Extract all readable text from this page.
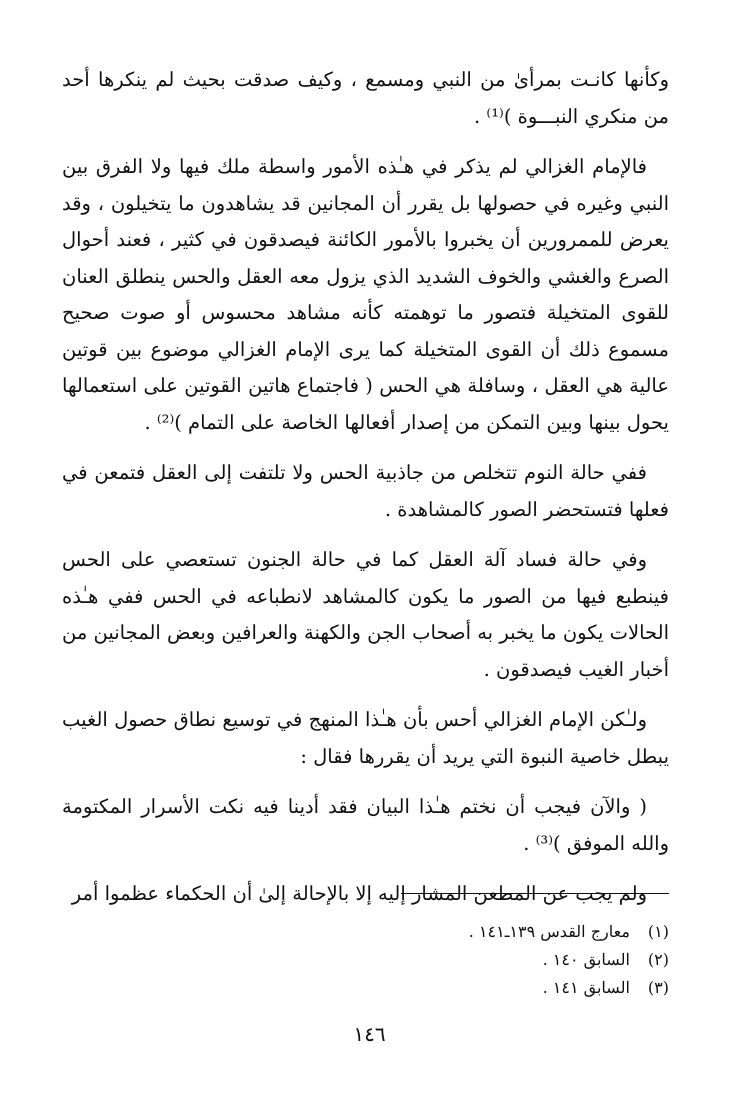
وكأنها كانـت بمرأىٰ من النبي ومسمع ، وكيف صدقت بحيث لم ينكرها أحد من منكري النبـــوة )⁽¹⁾ .

فالإمام الغزالي لم يذكر في هـٰذه الأمور واسطة ملك فيها ولا الفرق بين النبي وغيره في حصولها بل يقرر أن المجانين قد يشاهدون ما يتخيلون ، وقد يعرض للممرورين أن يخبروا بالأمور الكائنة فيصدقون في كثير ، فعند أحوال الصرع والغشي والخوف الشديد الذي يزول معه العقل والحس ينطلق العنان للقوى المتخيلة فتصور ما توهمته كأنه مشاهد محسوس أو صوت صحيح مسموع ذلك أن القوى المتخيلة كما يرى الإمام الغزالي موضوع بين قوتين عالية هي العقل ، وسافلة هي الحس ( فاجتماع هاتين القوتين على استعمالها يحول بينها وبين التمكن من إصدار أفعالها الخاصة على التمام )⁽²⁾ .

ففي حالة النوم تتخلص من جاذبية الحس ولا تلتفت إلى العقل فتمعن في فعلها فتستحضر الصور كالمشاهدة .

وفي حالة فساد آلة العقل كما في حالة الجنون تستعصي على الحس فينطبع فيها من الصور ما يكون كالمشاهد لانطباعه في الحس ففي هـٰذه الحالات يكون ما يخبر به أصحاب الجن والكهنة والعرافين وبعض المجانين من أخبار الغيب فيصدقون .

ولـٰكن الإمام الغزالي أحس بأن هـٰذا المنهج في توسيع نطاق حصول الغيب يبطل خاصية النبوة التي يريد أن يقررها فقال :

( والآن فيجب أن نختم هـٰذا البيان فقد أدينا فيه نكت الأسرار المكتومة والله الموفق )⁽³⁾ .

ولم يجب عن المطعن المشار إليه إلا بالإحالة إلىٰ أن الحكماء عظموا أمر

(١) معارج القدس ١٣٩ـ١٤١ .
(٢) السابق ١٤٠ .
(٣) السابق ١٤١ .
١٤٦
